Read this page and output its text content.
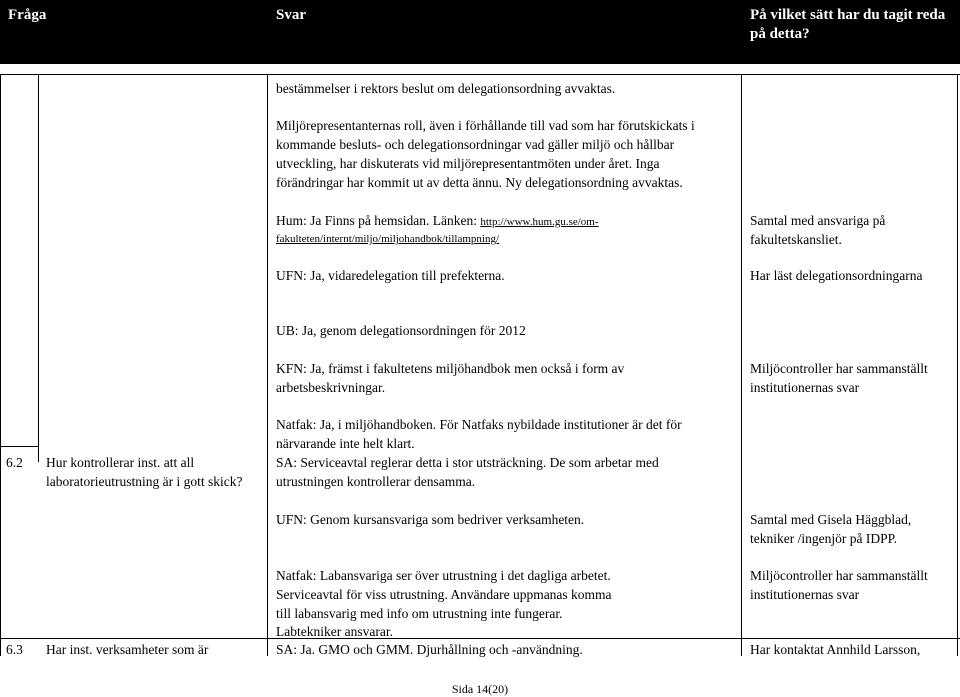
Fråga	Svar	På vilket sätt har du tagit reda
på detta?
bestämmelser i rektors beslut om delegationsordning avvaktas.
Miljörepresentanternas roll, även i förhållande till vad som har förutskickats i
kommande besluts- och delegationsordningar vad gäller miljö och hållbar
utveckling, har diskuterats vid miljörepresentantmöten under året. Inga
förändringar har kommit ut av detta ännu. Ny delegationsordning avvaktas.
Hum: Ja Finns på hemsidan. Länken: http://www.hum.gu.se/om-
fakulteten/internt/miljo/miljohandbok/tillampning/
UFN: Ja, vidaredelegation till prefekterna.
UB: Ja, genom delegationsordningen för 2012
KFN: Ja, främst i fakultetens miljöhandbok men också i form av
arbetsbeskrivningar.
Natfak: Ja, i miljöhandboken. För Natfaks nybildade institutioner är det för
närvarande inte helt klart.
SA: Serviceavtal reglerar detta i stor utsträckning. De som arbetar med
utrustningen kontrollerar densamma.
UFN: Genom kursansvariga som bedriver verksamheten.
Natfak: Labansvariga ser över utrustning i det dagliga arbetet.
Serviceavtal för viss utrustning. Användare uppmanas komma
till labansvarig med info om utrustning inte fungerar.
Labtekniker ansvarar.
SA: Ja. GMO och GMM. Djurhållning och -användning.
Samtal med ansvariga på
fakultetskansliet.
Har läst delegationsordningarna
Miljöcontroller har sammanställt
institutionernas svar
Samtal med Gisela Häggblad,
tekniker /ingenjör på IDPP.
Miljöcontroller har sammanställt
institutionernas svar
Har kontaktat Annhild Larsson,
6.2 Hur kontrollerar inst. att all
laboratorieutrustning är i gott skick?
6.3 Har inst. verksamheter som är
Sida 14(20)
